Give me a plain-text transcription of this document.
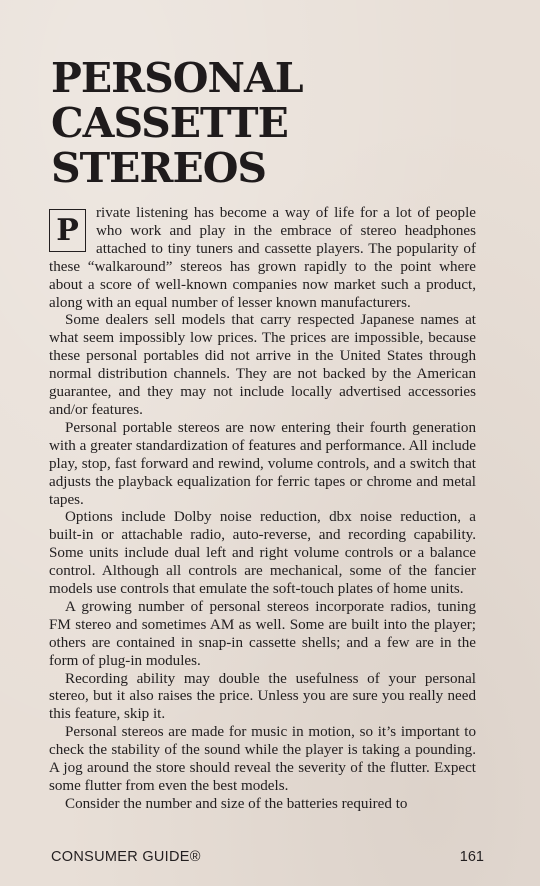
PERSONAL
CASSETTE
STEREOS
P	rivate listening has become a way of life for a lot of people who work and play in the embrace of stereo headphones attached to tiny tuners and cassette players. The popularity of these “walkaround” stereos has grown rapidly to the point where about a score of well-known companies now market such a product, along with an equal number of lesser known manufacturers.

Some dealers sell models that carry respected Japanese names at what seem impossibly low prices. The prices are impossible, because these personal portables did not arrive in the United States through normal distribution channels. They are not backed by the American guarantee, and they may not include locally advertised accessories and/or features.

Personal portable stereos are now entering their fourth generation with a greater standardization of features and performance. All include play, stop, fast forward and rewind, volume controls, and a switch that adjusts the playback equalization for ferric tapes or chrome and metal tapes.

Options include Dolby noise reduction, dbx noise reduction, a built-in or attachable radio, auto-reverse, and recording capability. Some units include dual left and right volume controls or a balance control. Although all controls are mechanical, some of the fancier models use controls that emulate the soft-touch plates of home units.

A growing number of personal stereos incorporate radios, tuning FM stereo and sometimes AM as well. Some are built into the player; others are contained in snap-in cassette shells; and a few are in the form of plug-in modules.

Recording ability may double the usefulness of your personal stereo, but it also raises the price. Unless you are sure you really need this feature, skip it.

Personal stereos are made for music in motion, so it’s important to check the stability of the sound while the player is taking a pounding. A jog around the store should reveal the severity of the flutter. Expect some flutter from even the best models.

Consider the number and size of the batteries required to

CONSUMER GUIDE®	161
